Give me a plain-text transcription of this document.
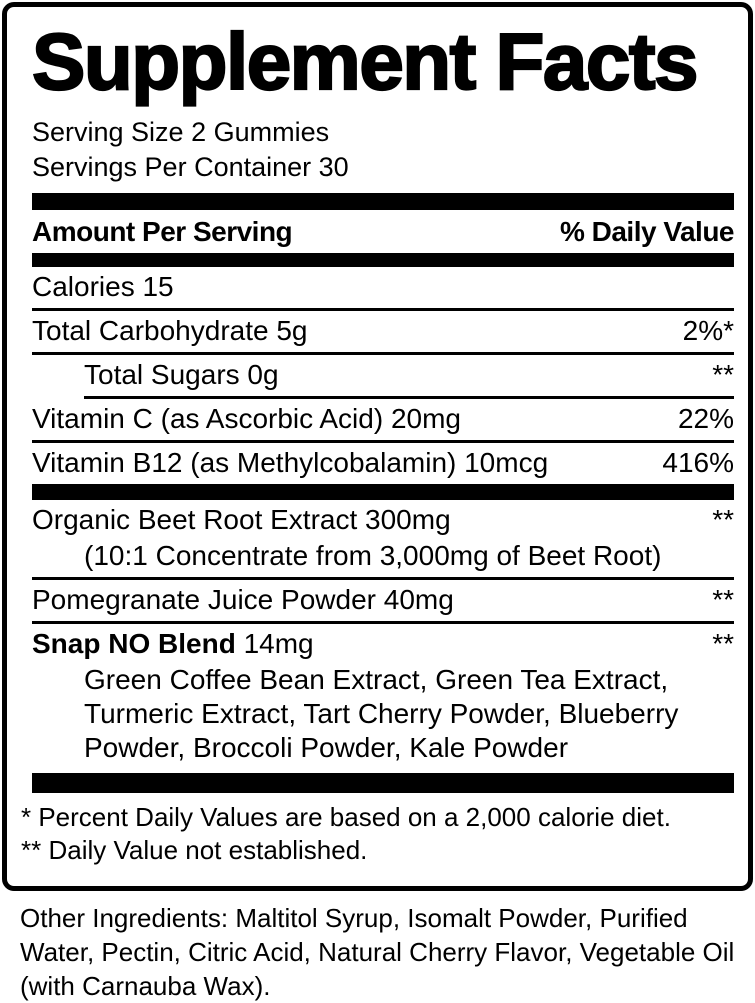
Supplement Facts
Serving Size 2 Gummies
Servings Per Container 30
Amount Per Serving	% Daily Value
Calories 15
Total Carbohydrate 5g	2%*
Total Sugars 0g	**
Vitamin C (as Ascorbic Acid) 20mg	22%
Vitamin B12 (as Methylcobalamin) 10mcg	416%
Organic Beet Root Extract 300mg	**
(10:1 Concentrate from 3,000mg of Beet Root)
Pomegranate Juice Powder 40mg	**
Snap NO Blend 14mg	**
Green Coffee Bean Extract, Green Tea Extract,
Turmeric Extract, Tart Cherry Powder, Blueberry
Powder, Broccoli Powder, Kale Powder
* Percent Daily Values are based on a 2,000 calorie diet.
** Daily Value not established.

Other Ingredients: Maltitol Syrup, Isomalt Powder, Purified
Water, Pectin, Citric Acid, Natural Cherry Flavor, Vegetable Oil
(with Carnauba Wax).
